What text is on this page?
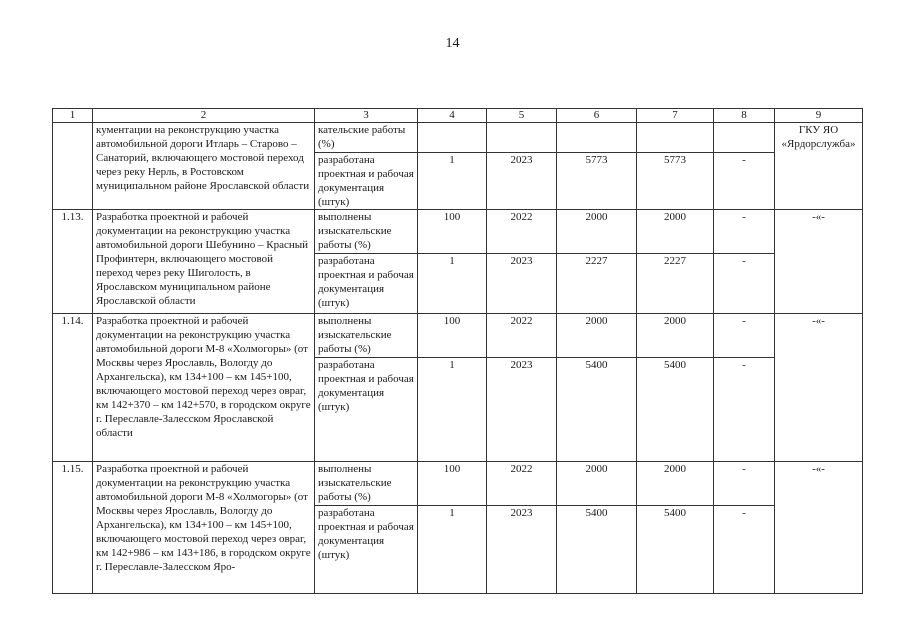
14
1	2	3	4	5	6	7	8	9
	кументации на реконструкцию участка автомобильной дороги Итларь – Старово – Санаторий, включающего мостовой переход через реку Нерль, в Ростовском муниципальном районе Ярославской области	кательские работы (%)						ГКУ ЯО «Ярдорслужба»
		разработана проектная и рабочая документация (штук)	1	2023	5773	5773	-	
1.13.	Разработка проектной и рабочей документации на реконструкцию участка автомобильной дороги Шебунино – Красный Профинтерн, включающего мостовой переход через реку Шиголость, в Ярославском муниципальном районе Ярославской области	выполнены изыскательские работы (%)	100	2022	2000	2000	-	-«-
		разработана проектная и рабочая документация (штук)	1	2023	2227	2227	-	
1.14.	Разработка проектной и рабочей документации на реконструкцию участка автомобильной дороги М-8 «Холмогоры» (от Москвы через Ярославль, Вологду до Архангельска), км 134+100 – км 145+100, включающего мостовой переход через овраг, км 142+370 – км 142+570, в городском округе г. Переславле-Залесском Ярославской области	выполнены изыскательские работы (%)	100	2022	2000	2000	-	-«-
		разработана проектная и рабочая документация (штук)	1	2023	5400	5400	-	
1.15.	Разработка проектной и рабочей документации на реконструкцию участка автомобильной дороги М-8 «Холмогоры» (от Москвы через Ярославль, Вологду до Архангельска), км 134+100 – км 145+100, включающего мостовой переход через овраг, км 142+986 – км 143+186, в городском округе г. Переславле-Залесском Яро-	выполнены изыскательские работы (%)	100	2022	2000	2000	-	-«-
		разработана проектная и рабочая документация (штук)	1	2023	5400	5400	-	
